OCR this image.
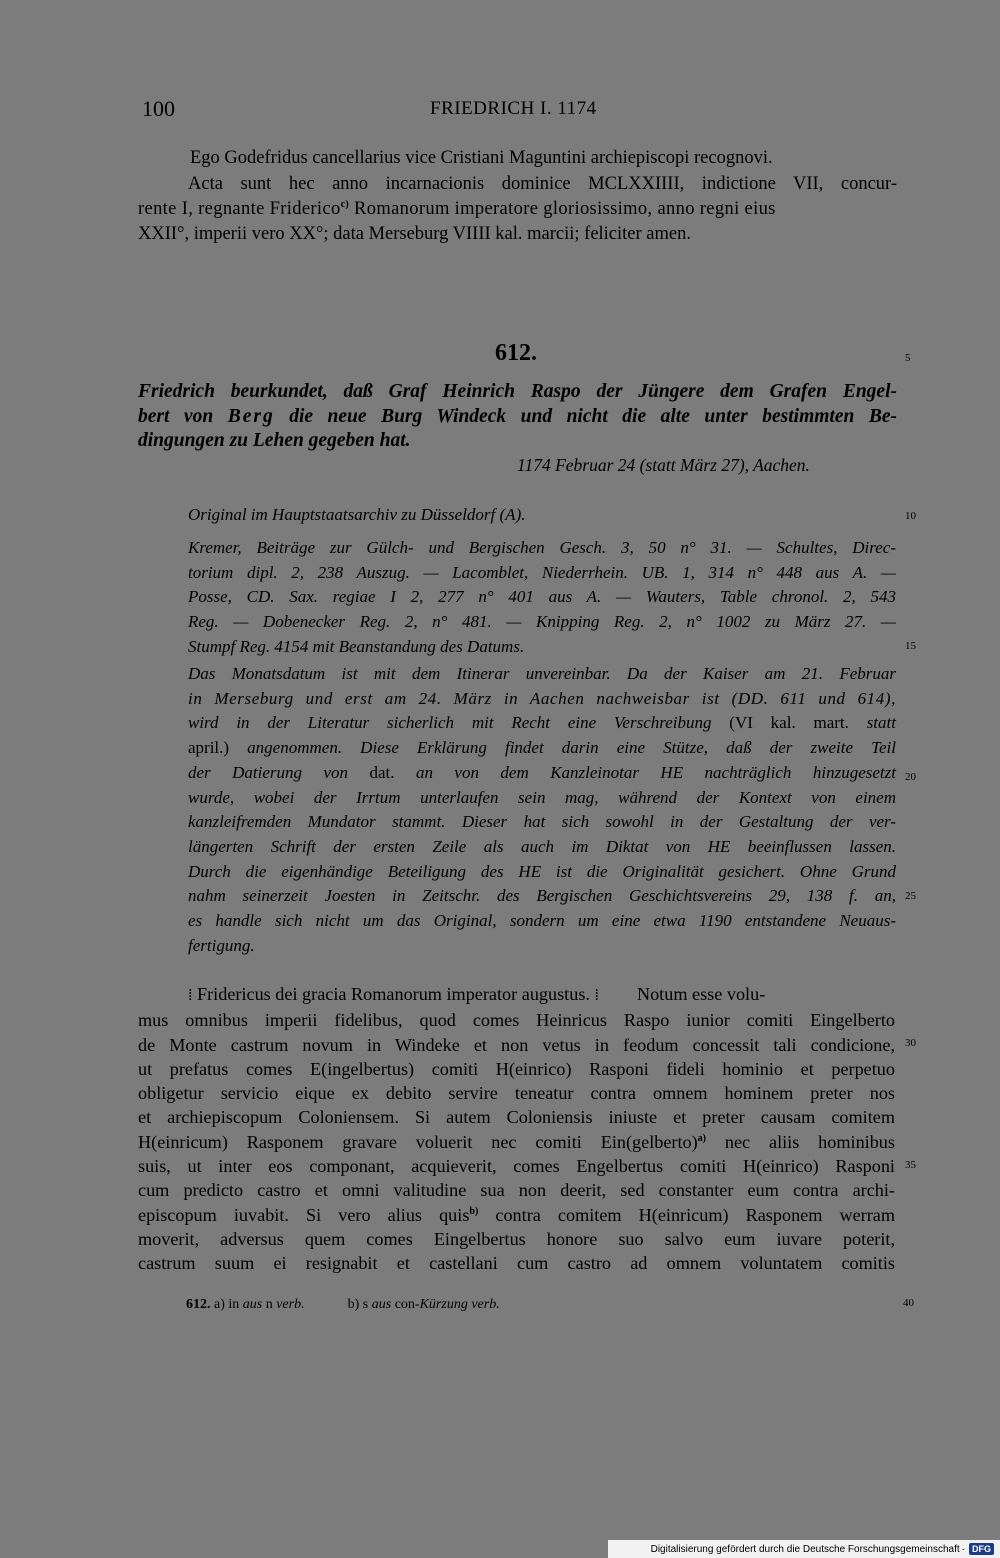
100	FRIEDRICH I. 1174
Ego Godefridus cancellarius vice Cristiani Maguntini archiepiscopi recognovi.
Acta sunt hec anno incarnacionis dominice MCLXXIIII, indictione VII, concur-
rente I, regnante Friderico$^{c)}$ Romanorum imperatore gloriosissimo, anno regni eius
XXII°, imperii vero XX°; data Merseburg VIIII kal. marcii; feliciter amen.
612.	5
Friedrich beurkundet, daß Graf Heinrich Raspo der Jüngere dem Grafen Engel-
bert von Berg die neue Burg Windeck und nicht die alte unter bestimmten Be-
dingungen zu Lehen gegeben hat.
1174 Februar 24 (statt März 27), Aachen.
Original im Hauptstaatsarchiv zu Düsseldorf (A).	10
Kremer, Beiträge zur Gülch- und Bergischen Gesch. 3, 50 n° 31. — Schultes, Direc-
torium dipl. 2, 238 Auszug. — Lacomblet, Niederrhein. UB. 1, 314 n° 448 aus A. —
Posse, CD. Sax. regiae I 2, 277 n° 401 aus A. — Wauters, Table chronol. 2, 543
Reg. — Dobenecker Reg. 2, n° 481. — Knipping Reg. 2, n° 1002 zu März 27. —
Stumpf Reg. 4154 mit Beanstandung des Datums.	15
Das Monatsdatum ist mit dem Itinerar unvereinbar. Da der Kaiser am 21. Februar
in Merseburg und erst am 24. März in Aachen nachweisbar ist (DD. 611 und 614),
wird in der Literatur sicherlich mit Recht eine Verschreibung (VI kal. mart. statt
april.) angenommen. Diese Erklärung findet darin eine Stütze, daß der zweite Teil
der Datierung von dat. an von dem Kanzleinotar HE nachträglich hinzugesetzt
wurde, wobei der Irrtum unterlaufen sein mag, während der Kontext von einem
kanzleifremden Mundator stammt. Dieser hat sich sowohl in der Gestaltung der ver-
längerten Schrift der ersten Zeile als auch im Diktat von HE beeinflussen lassen.
Durch die eigenhändige Beteiligung des HE ist die Originalität gesichert. Ohne Grund
nahm seinerzeit Joesten in Zeitschr. des Bergischen Geschichtsvereins 29, 138 f. an,
es handle sich nicht um das Original, sondern um eine etwa 1190 entstandene Neuaus-
fertigung.
20
25
⁞ Fridericus dei gracia Romanorum imperator augustus. ⁞ Notum esse volu-
mus omnibus imperii fidelibus, quod comes Heinricus Raspo iunior comiti Eingelberto
de Monte castrum novum in Windeke et non vetus in feodum concessit tali condicione,
ut prefatus comes E(ingelbertus) comiti H(einrico) Rasponi fideli hominio et perpetuo
obligetur servicio eique ex debito servire teneatur contra omnem hominem preter nos
et archiepiscopum Coloniensem. Si autem Coloniensis iniuste et preter causam comitem
H(einricum) Rasponem gravare voluerit nec comiti Ein(gelberto)$^{a)}$ nec aliis hominibus
suis, ut inter eos componant, acquieverit, comes Engelbertus comiti H(einrico) Rasponi
cum predicto castro et omni valitudine sua non deerit, sed constanter eum contra archi-
episcopum iuvabit. Si vero alius quis$^{b)}$ contra comitem H(einricum) Rasponem werram
moverit, adversus quem comes Eingelbertus honore suo salvo eum iuvare poterit,
castrum suum ei resignabit et castellani cum castro ad omnem voluntatem comitis
30
35
612. a) in aus n verb.	b) s aus con-Kürzung verb.	40
Digitalisierung gefördert durch die Deutsche Forschungsgemeinschaft · DFG
